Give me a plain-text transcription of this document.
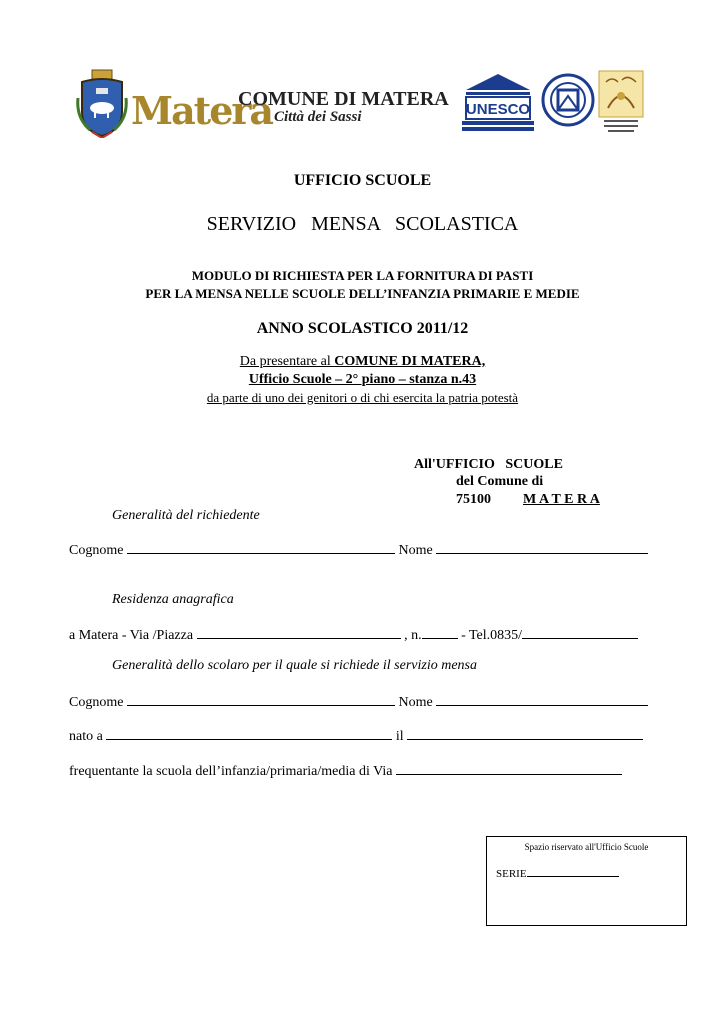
Matera
COMUNE DI MATERA
Città dei Sassi	UNESCO
UFFICIO SCUOLE
SERVIZIO   MENSA   SCOLASTICA
MODULO DI RICHIESTA PER LA FORNITURA DI PASTI
PER LA MENSA NELLE SCUOLE DELL’INFANZIA PRIMARIE E MEDIE
ANNO SCOLASTICO 2011/12
Da presentare al COMUNE DI MATERA,
Ufficio Scuole – 2° piano – stanza n.43
da parte di uno dei genitori o di chi esercita la patria potestà
All'UFFICIO   SCUOLE
del Comune di
75100 M A T E R A
Generalità del richiedente
Cognome	Nome
Residenza anagrafica
a Matera - Via /Piazza	, n.	- Tel.0835/
Generalità dello scolaro per il quale si richiede il servizio mensa
Cognome	Nome
nato a	il
frequentante la scuola dell’infanzia/primaria/media di Via
Spazio riservato all'Ufficio Scuole
SERIE
